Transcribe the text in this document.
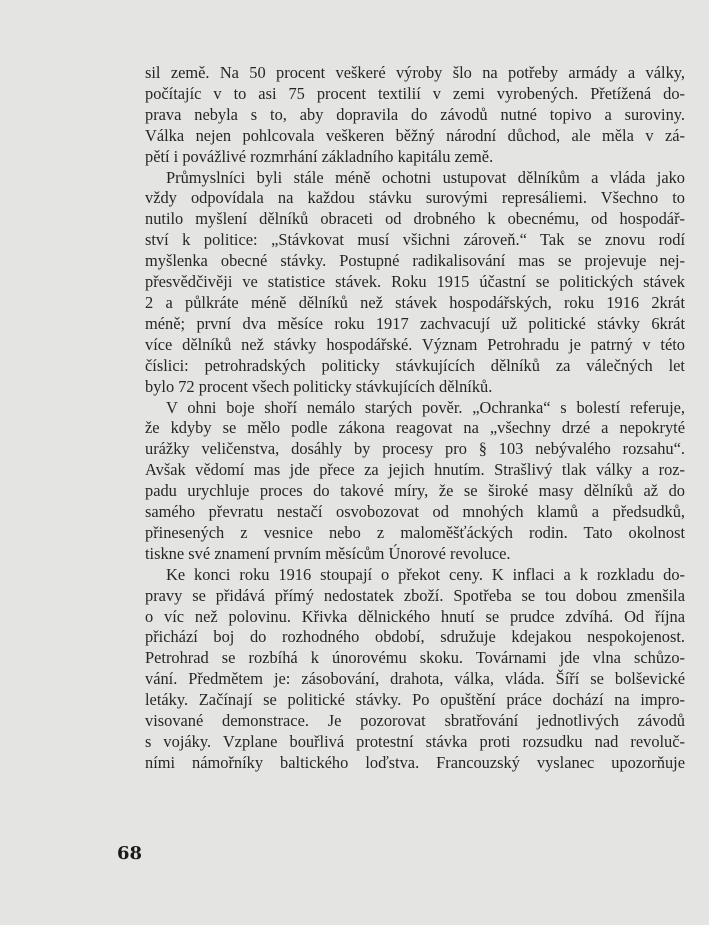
sil země. Na 50 procent veškeré výroby šlo na potřeby armády a války,
počítajíc v to asi 75 procent textilií v zemi vyrobených. Přetížená do-
prava nebyla s to, aby dopravila do závodů nutné topivo a suroviny.
Válka nejen pohlcovala veškeren běžný národní důchod, ale měla v zá-
pětí i povážlivé rozmrhání základního kapitálu země.
Průmyslníci byli stále méně ochotni ustupovat dělníkům a vláda jako
vždy odpovídala na každou stávku surovými represáliemi. Všechno to
nutilo myšlení dělníků obraceti od drobného k obecnému, od hospodář-
ství k politice: „Stávkovat musí všichni zároveň.“ Tak se znovu rodí
myšlenka obecné stávky. Postupné radikalisování mas se projevuje nej-
přesvědčivěji ve statistice stávek. Roku 1915 účastní se politických stávek
2 a půlkráte méně dělníků než stávek hospodářských, roku 1916 2krát
méně; první dva měsíce roku 1917 zachvacují už politické stávky 6krát
více dělníků než stávky hospodářské. Význam Petrohradu je patrný v této
číslici: petrohradských politicky stávkujících dělníků za válečných let
bylo 72 procent všech politicky stávkujících dělníků.
V ohni boje shoří nemálo starých pověr. „Ochranka“ s bolestí referuje,
že kdyby se mělo podle zákona reagovat na „všechny drzé a nepokryté
urážky veličenstva, dosáhly by procesy pro § 103 nebývalého rozsahu“.
Avšak vědomí mas jde přece za jejich hnutím. Strašlivý tlak války a roz-
padu urychluje proces do takové míry, že se široké masy dělníků až do
samého převratu nestačí osvobozovat od mnohých klamů a předsudků,
přinesených z vesnice nebo z maloměšťáckých rodin. Tato okolnost
tiskne své znamení prvním měsícům Únorové revoluce.
Ke konci roku 1916 stoupají o překot ceny. K inflaci a k rozkladu do-
pravy se přidává přímý nedostatek zboží. Spotřeba se tou dobou zmenšila
o víc než polovinu. Křivka dělnického hnutí se prudce zdvíhá. Od října
přichází boj do rozhodného období, sdružuje kdejakou nespokojenost.
Petrohrad se rozbíhá k únorovému skoku. Továrnami jde vlna schůzo-
vání. Předmětem je: zásobování, drahota, válka, vláda. Šíří se bolševické
letáky. Začínají se politické stávky. Po opuštění práce dochází na impro-
visované demonstrace. Je pozorovat sbratřování jednotlivých závodů
s vojáky. Vzplane bouřlivá protestní stávka proti rozsudku nad revoluč-
ními námořníky baltického loďstva. Francouzský vyslanec upozorňuje
68
